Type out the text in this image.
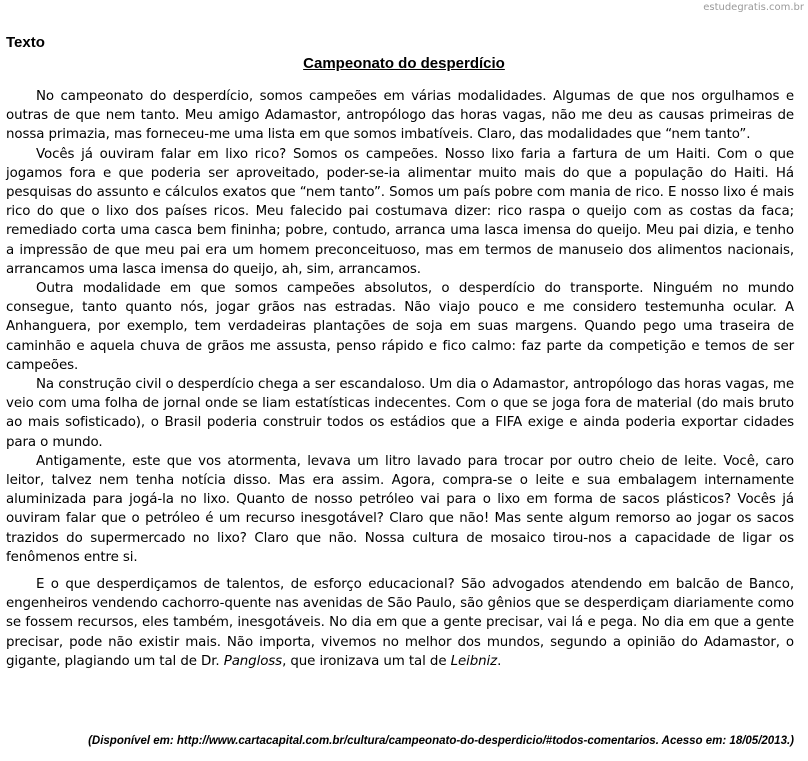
estudegratis.com.br
Texto
Campeonato do desperdício

No campeonato do desperdício, somos campeões em várias modalidades. Algumas de que nos orgulhamos e outras de que nem tanto. Meu amigo Adamastor, antropólogo das horas vagas, não me deu as causas primeiras de nossa primazia, mas forneceu-me uma lista em que somos imbatíveis. Claro, das modalidades que “nem tanto”.

Vocês já ouviram falar em lixo rico? Somos os campeões. Nosso lixo faria a fartura de um Haiti. Com o que jogamos fora e que poderia ser aproveitado, poder-se-ia alimentar muito mais do que a população do Haiti. Há pesquisas do assunto e cálculos exatos que “nem tanto”. Somos um país pobre com mania de rico. E nosso lixo é mais rico do que o lixo dos países ricos. Meu falecido pai costumava dizer: rico raspa o queijo com as costas da faca; remediado corta uma casca bem fininha; pobre, contudo, arranca uma lasca imensa do queijo. Meu pai dizia, e tenho a impressão de que meu pai era um homem preconceituoso, mas em termos de manuseio dos alimentos nacionais, arrancamos uma lasca imensa do queijo, ah, sim, arrancamos.

Outra modalidade em que somos campeões absolutos, o desperdício do transporte. Ninguém no mundo consegue, tanto quanto nós, jogar grãos nas estradas. Não viajo pouco e me considero testemunha ocular. A Anhanguera, por exemplo, tem verdadeiras plantações de soja em suas margens. Quando pego uma traseira de caminhão e aquela chuva de grãos me assusta, penso rápido e fico calmo: faz parte da competição e temos de ser campeões.

Na construção civil o desperdício chega a ser escandaloso. Um dia o Adamastor, antropólogo das horas vagas, me veio com uma folha de jornal onde se liam estatísticas indecentes. Com o que se joga fora de material (do mais bruto ao mais sofisticado), o Brasil poderia construir todos os estádios que a FIFA exige e ainda poderia exportar cidades para o mundo.

Antigamente, este que vos atormenta, levava um litro lavado para trocar por outro cheio de leite. Você, caro leitor, talvez nem tenha notícia disso. Mas era assim. Agora, compra-se o leite e sua embalagem internamente aluminizada para jogá-la no lixo. Quanto de nosso petróleo vai para o lixo em forma de sacos plásticos? Vocês já ouviram falar que o petróleo é um recurso inesgotável? Claro que não! Mas sente algum remorso ao jogar os sacos trazidos do supermercado no lixo? Claro que não. Nossa cultura de mosaico tirou-nos a capacidade de ligar os fenômenos entre si.

E o que desperdiçamos de talentos, de esforço educacional? São advogados atendendo em balcão de Banco, engenheiros vendendo cachorro-quente nas avenidas de São Paulo, são gênios que se desperdiçam diariamente como se fossem recursos, eles também, inesgotáveis. No dia em que a gente precisar, vai lá e pega. No dia em que a gente precisar, pode não existir mais. Não importa, vivemos no melhor dos mundos, segundo a opinião do Adamastor, o gigante, plagiando um tal de Dr. Pangloss, que ironizava um tal de Leibniz.

(Disponível em: http://www.cartacapital.com.br/cultura/campeonato-do-desperdicio/#todos-comentarios. Acesso em: 18/05/2013.)
